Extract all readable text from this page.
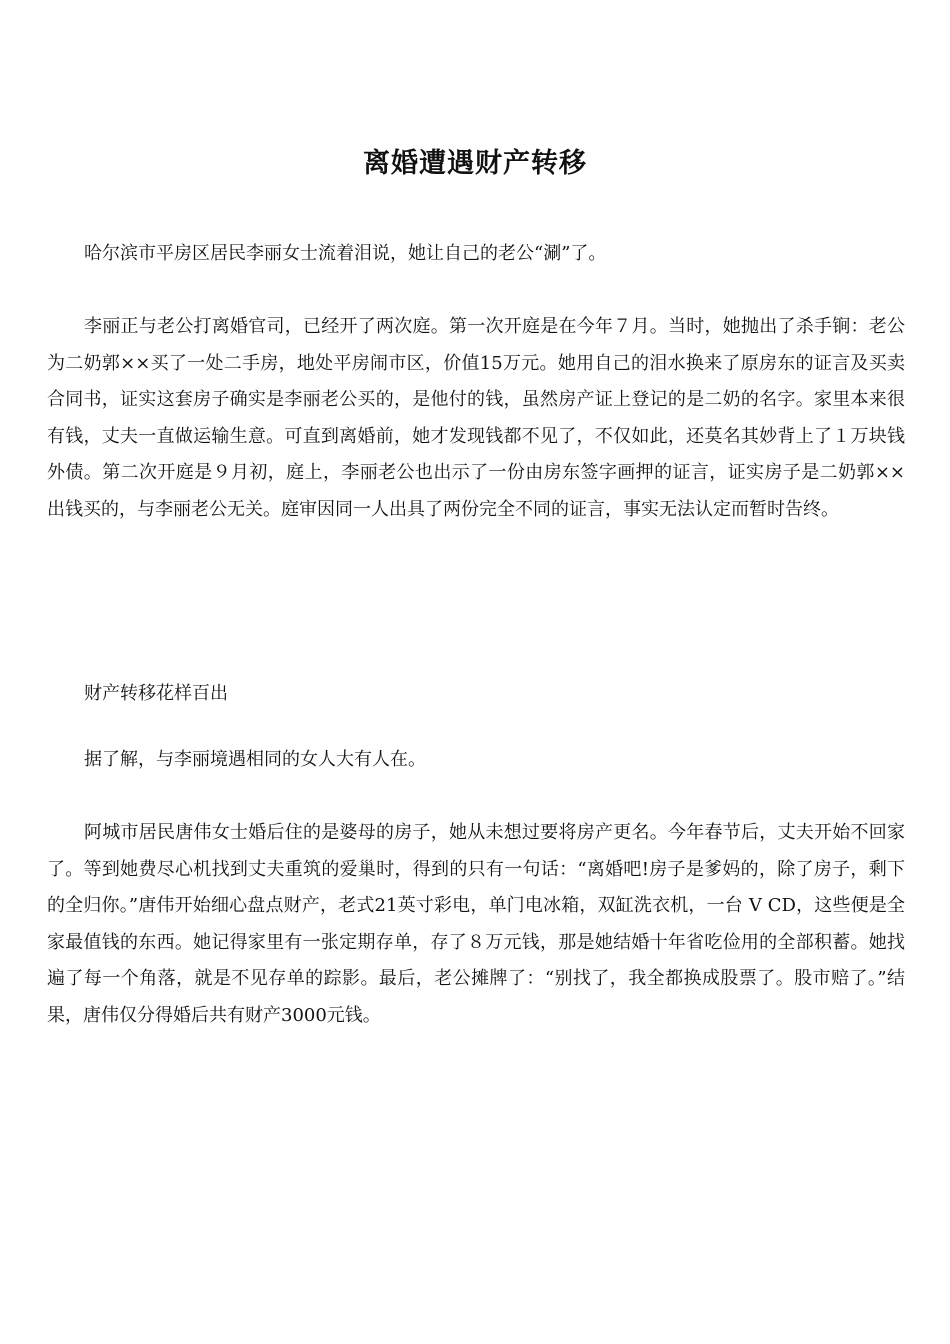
离婚遭遇财产转移

哈尔滨市平房区居民李丽女士流着泪说，她让自己的老公“涮”了。

李丽正与老公打离婚官司，已经开了两次庭。第一次开庭是在今年７月。当时，她抛出了杀手锏：老公为二奶郭××买了一处二手房，地处平房闹市区，价值15万元。她用自己的泪水换来了原房东的证言及买卖合同书，证实这套房子确实是李丽老公买的，是他付的钱，虽然房产证上登记的是二奶的名字。家里本来很有钱，丈夫一直做运输生意。可直到离婚前，她才发现钱都不见了，不仅如此，还莫名其妙背上了１万块钱外债。第二次开庭是９月初，庭上，李丽老公也出示了一份由房东签字画押的证言，证实房子是二奶郭××出钱买的，与李丽老公无关。庭审因同一人出具了两份完全不同的证言，事实无法认定而暂时告终。

财产转移花样百出

据了解，与李丽境遇相同的女人大有人在。

阿城市居民唐伟女士婚后住的是婆母的房子，她从未想过要将房产更名。今年春节后，丈夫开始不回家了。等到她费尽心机找到丈夫重筑的爱巢时，得到的只有一句话：“离婚吧!房子是爹妈的，除了房子，剩下的全归你。”唐伟开始细心盘点财产，老式21英寸彩电，单门电冰箱，双缸洗衣机，一台 V CD，这些便是全家最值钱的东西。她记得家里有一张定期存单，存了８万元钱，那是她结婚十年省吃俭用的全部积蓄。她找遍了每一个角落，就是不见存单的踪影。最后，老公摊牌了：“别找了，我全都换成股票了。股市赔了。”结果，唐伟仅分得婚后共有财产3000元钱。
